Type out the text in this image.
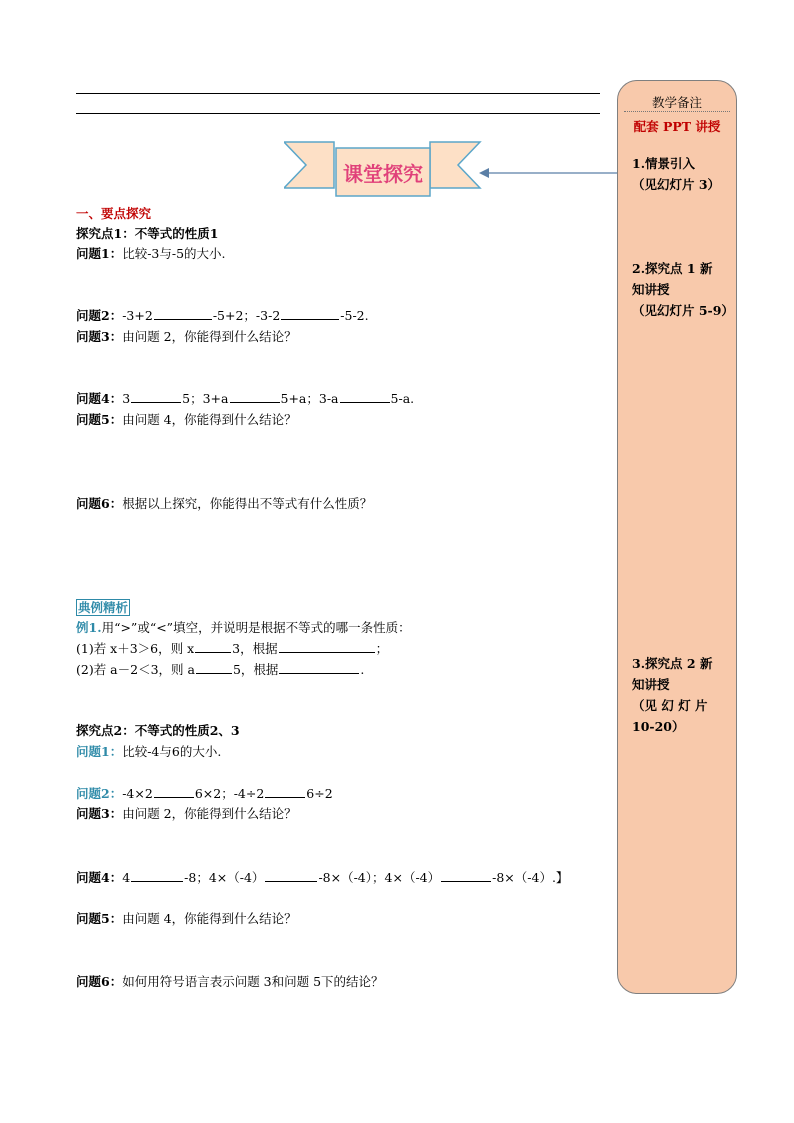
课堂探究
一、要点探究
探究点1：不等式的性质1
问题1：比较-3与-5的大小.
问题2：-3+2	-5+2；-3-2	-5-2.
问题3：由问题 2，你能得到什么结论？
问题4：3	5；3+a	5+a；3-a	5-a.
问题5：由问题 4，你能得到什么结论？
问题6：根据以上探究，你能得出不等式有什么性质？
典例精析
例1.用“>”或“<”填空，并说明是根据不等式的哪一条性质：
(1)若 x＋3＞6，则 x	3，根据	；
(2)若 a－2＜3，则 a	5，根据	.
探究点2：不等式的性质2、3
问题1：比较-4与6的大小.
问题2：-4×2	6×2；-4÷2	6÷2
问题3：由问题 2，你能得到什么结论？
问题4：4	-8；4×（-4）	-8×（-4）；4×（-4）	-8×（-4）.】
问题5：由问题 4，你能得到什么结论？
问题6：如何用符号语言表示问题 3和问题 5下的结论？
教学备注
配套 PPT 讲授
1.情景引入
（见幻灯片 3）
2.探究点 1 新
知讲授
（见幻灯片 5-9）
3.探究点 2 新
知讲授
（见 幻 灯 片
10-20）
